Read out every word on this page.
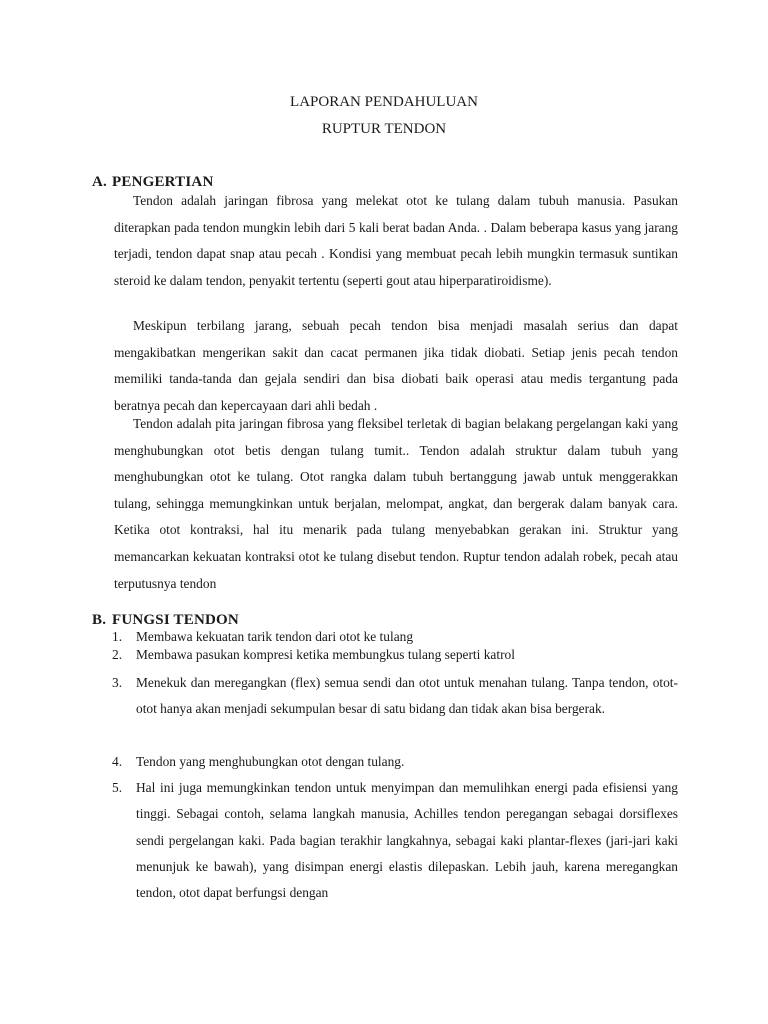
LAPORAN PENDAHULUAN
RUPTUR TENDON
A. PENGERTIAN

Tendon adalah jaringan fibrosa yang melekat otot ke tulang dalam tubuh manusia. Pasukan diterapkan pada tendon mungkin lebih dari 5 kali berat badan Anda. . Dalam beberapa kasus yang jarang terjadi, tendon dapat snap atau pecah . Kondisi yang membuat pecah lebih mungkin termasuk suntikan steroid ke dalam tendon, penyakit tertentu (seperti gout atau hiperparatiroidisme).

Meskipun terbilang jarang, sebuah pecah tendon bisa menjadi masalah serius dan dapat mengakibatkan mengerikan sakit dan cacat permanen jika tidak diobati. Setiap jenis pecah tendon memiliki tanda-tanda dan gejala sendiri dan bisa diobati baik operasi atau medis tergantung pada beratnya pecah dan kepercayaan dari ahli bedah .

Tendon adalah pita jaringan fibrosa yang fleksibel terletak di bagian belakang pergelangan kaki yang menghubungkan otot betis dengan tulang tumit.. Tendon adalah struktur dalam tubuh yang menghubungkan otot ke tulang. Otot rangka dalam tubuh bertanggung jawab untuk menggerakkan tulang, sehingga memungkinkan untuk berjalan, melompat, angkat, dan bergerak dalam banyak cara. Ketika otot kontraksi, hal itu menarik pada tulang menyebabkan gerakan ini. Struktur yang memancarkan kekuatan kontraksi otot ke tulang disebut tendon. Ruptur tendon adalah robek, pecah atau terputusnya tendon

B. FUNGSI TENDON
1. Membawa kekuatan tarik tendon dari otot ke tulang
2. Membawa pasukan kompresi ketika membungkus tulang seperti katrol
3. Menekuk dan meregangkan (flex) semua sendi dan otot untuk menahan tulang. Tanpa tendon, otot-otot hanya akan menjadi sekumpulan besar di satu bidang dan tidak akan bisa bergerak.
4. Tendon yang menghubungkan otot dengan tulang.
5. Hal ini juga memungkinkan tendon untuk menyimpan dan memulihkan energi pada efisiensi yang tinggi. Sebagai contoh, selama langkah manusia, Achilles tendon peregangan sebagai dorsiflexes sendi pergelangan kaki. Pada bagian terakhir langkahnya, sebagai kaki plantar-flexes (jari-jari kaki menunjuk ke bawah), yang disimpan energi elastis dilepaskan. Lebih jauh, karena meregangkan tendon, otot dapat berfungsi dengan
